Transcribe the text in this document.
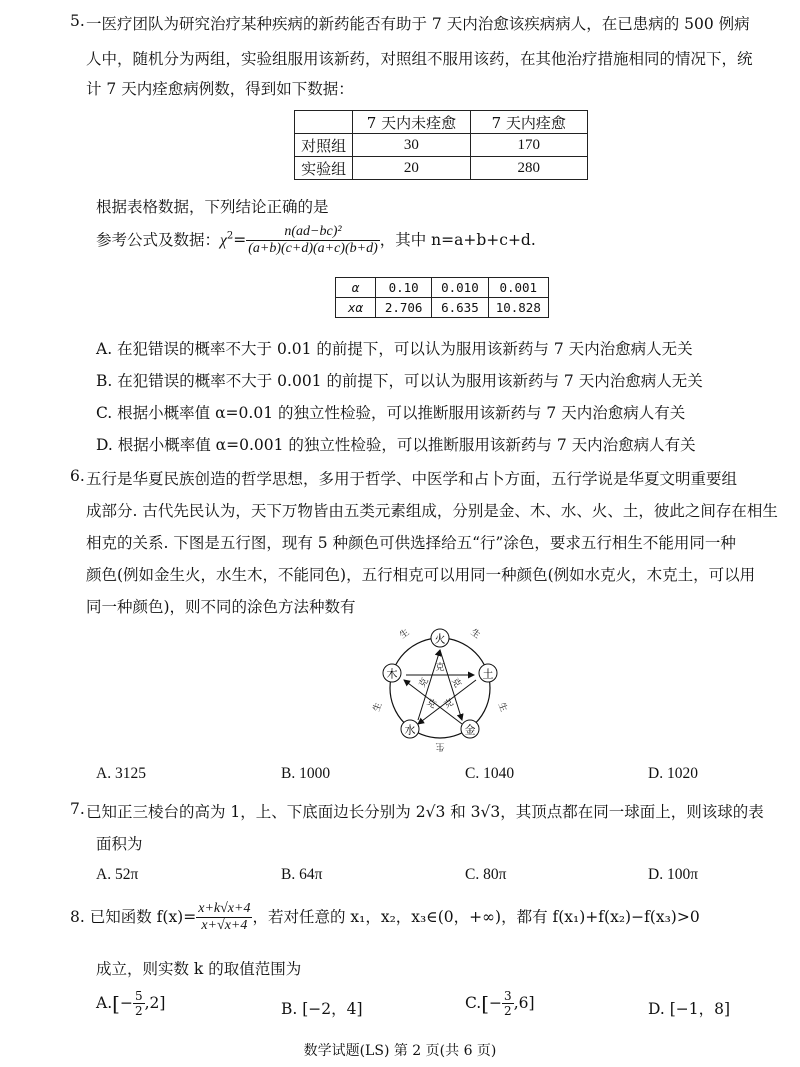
5. 一医疗团队为研究治疗某种疾病的新药能否有助于 7 天内治愈该疾病病人，在已患病的 500 例病
人中，随机分为两组，实验组服用该新药，对照组不服用该药，在其他治疗措施相同的情况下，统
计 7 天内痊愈病例数，得到如下数据：
	7 天内未痊愈	7 天内痊愈
对照组	30	170
实验组	20	280
根据表格数据，下列结论正确的是
参考公式及数据：$\chi^2= \frac{\text{n(ad−bc)²}}{(a+b)(c+d)(a+c)(b+d)}$ ，其中 n=a+b+c+d.
α	0.10	0.010	0.001
xα	2.706	6.635	10.828
A. 在犯错误的概率不大于 0.01 的前提下，可以认为服用该新药与 7 天内治愈病人无关
B. 在犯错误的概率不大于 0.001 的前提下，可以认为服用该新药与 7 天内治愈病人无关
C. 根据小概率值 α=0.01 的独立性检验，可以推断服用该新药与 7 天内治愈病人有关
D. 根据小概率值 α=0.001 的独立性检验，可以推断服用该新药与 7 天内治愈病人有关
6. 五行是华夏民族创造的哲学思想，多用于哲学、中医学和占卜方面，五行学说是华夏文明重要组
成部分. 古代先民认为，天下万物皆由五类元素组成，分别是金、木、水、火、土，彼此之间存在相生
相克的关系. 下图是五行图，现有 5 种颜色可供选择给五“行”涂色，要求五行相生不能用同一种
颜色(例如金生火，水生木，不能同色)，五行相克可以用同一种颜色(例如水克火，木克土，可以用
同一种颜色)，则不同的涂色方法种数有
火
土
金
水
木
生	生
生
生
生
克
克 克
克 克
A. 3125	B. 1000	C. 1040	D. 1020
7. 已知正三棱台的高为 1，上、下底面边长分别为 2√3 和 3√3，其顶点都在同一球面上，则该球的表
面积为
A. 52π	B. 64π	C. 80π	D. 100π
8. 已知函数 $f(x)= \frac{x+k√x+4}{x+√x+4}$ ，若对任意的 x₁，x₂，x₃∈(0，+∞)，都有 f(x₁)+f(x₂)−f(x₃)>0
成立，则实数 k 的取值范围为
$A.[- \frac{5}{2} ,2]$	B. [−2，4]	$C.[- \frac{3}{2} ,6]$	D. [−1，8]
数学试题(LS) 第 2 页(共 6 页)
